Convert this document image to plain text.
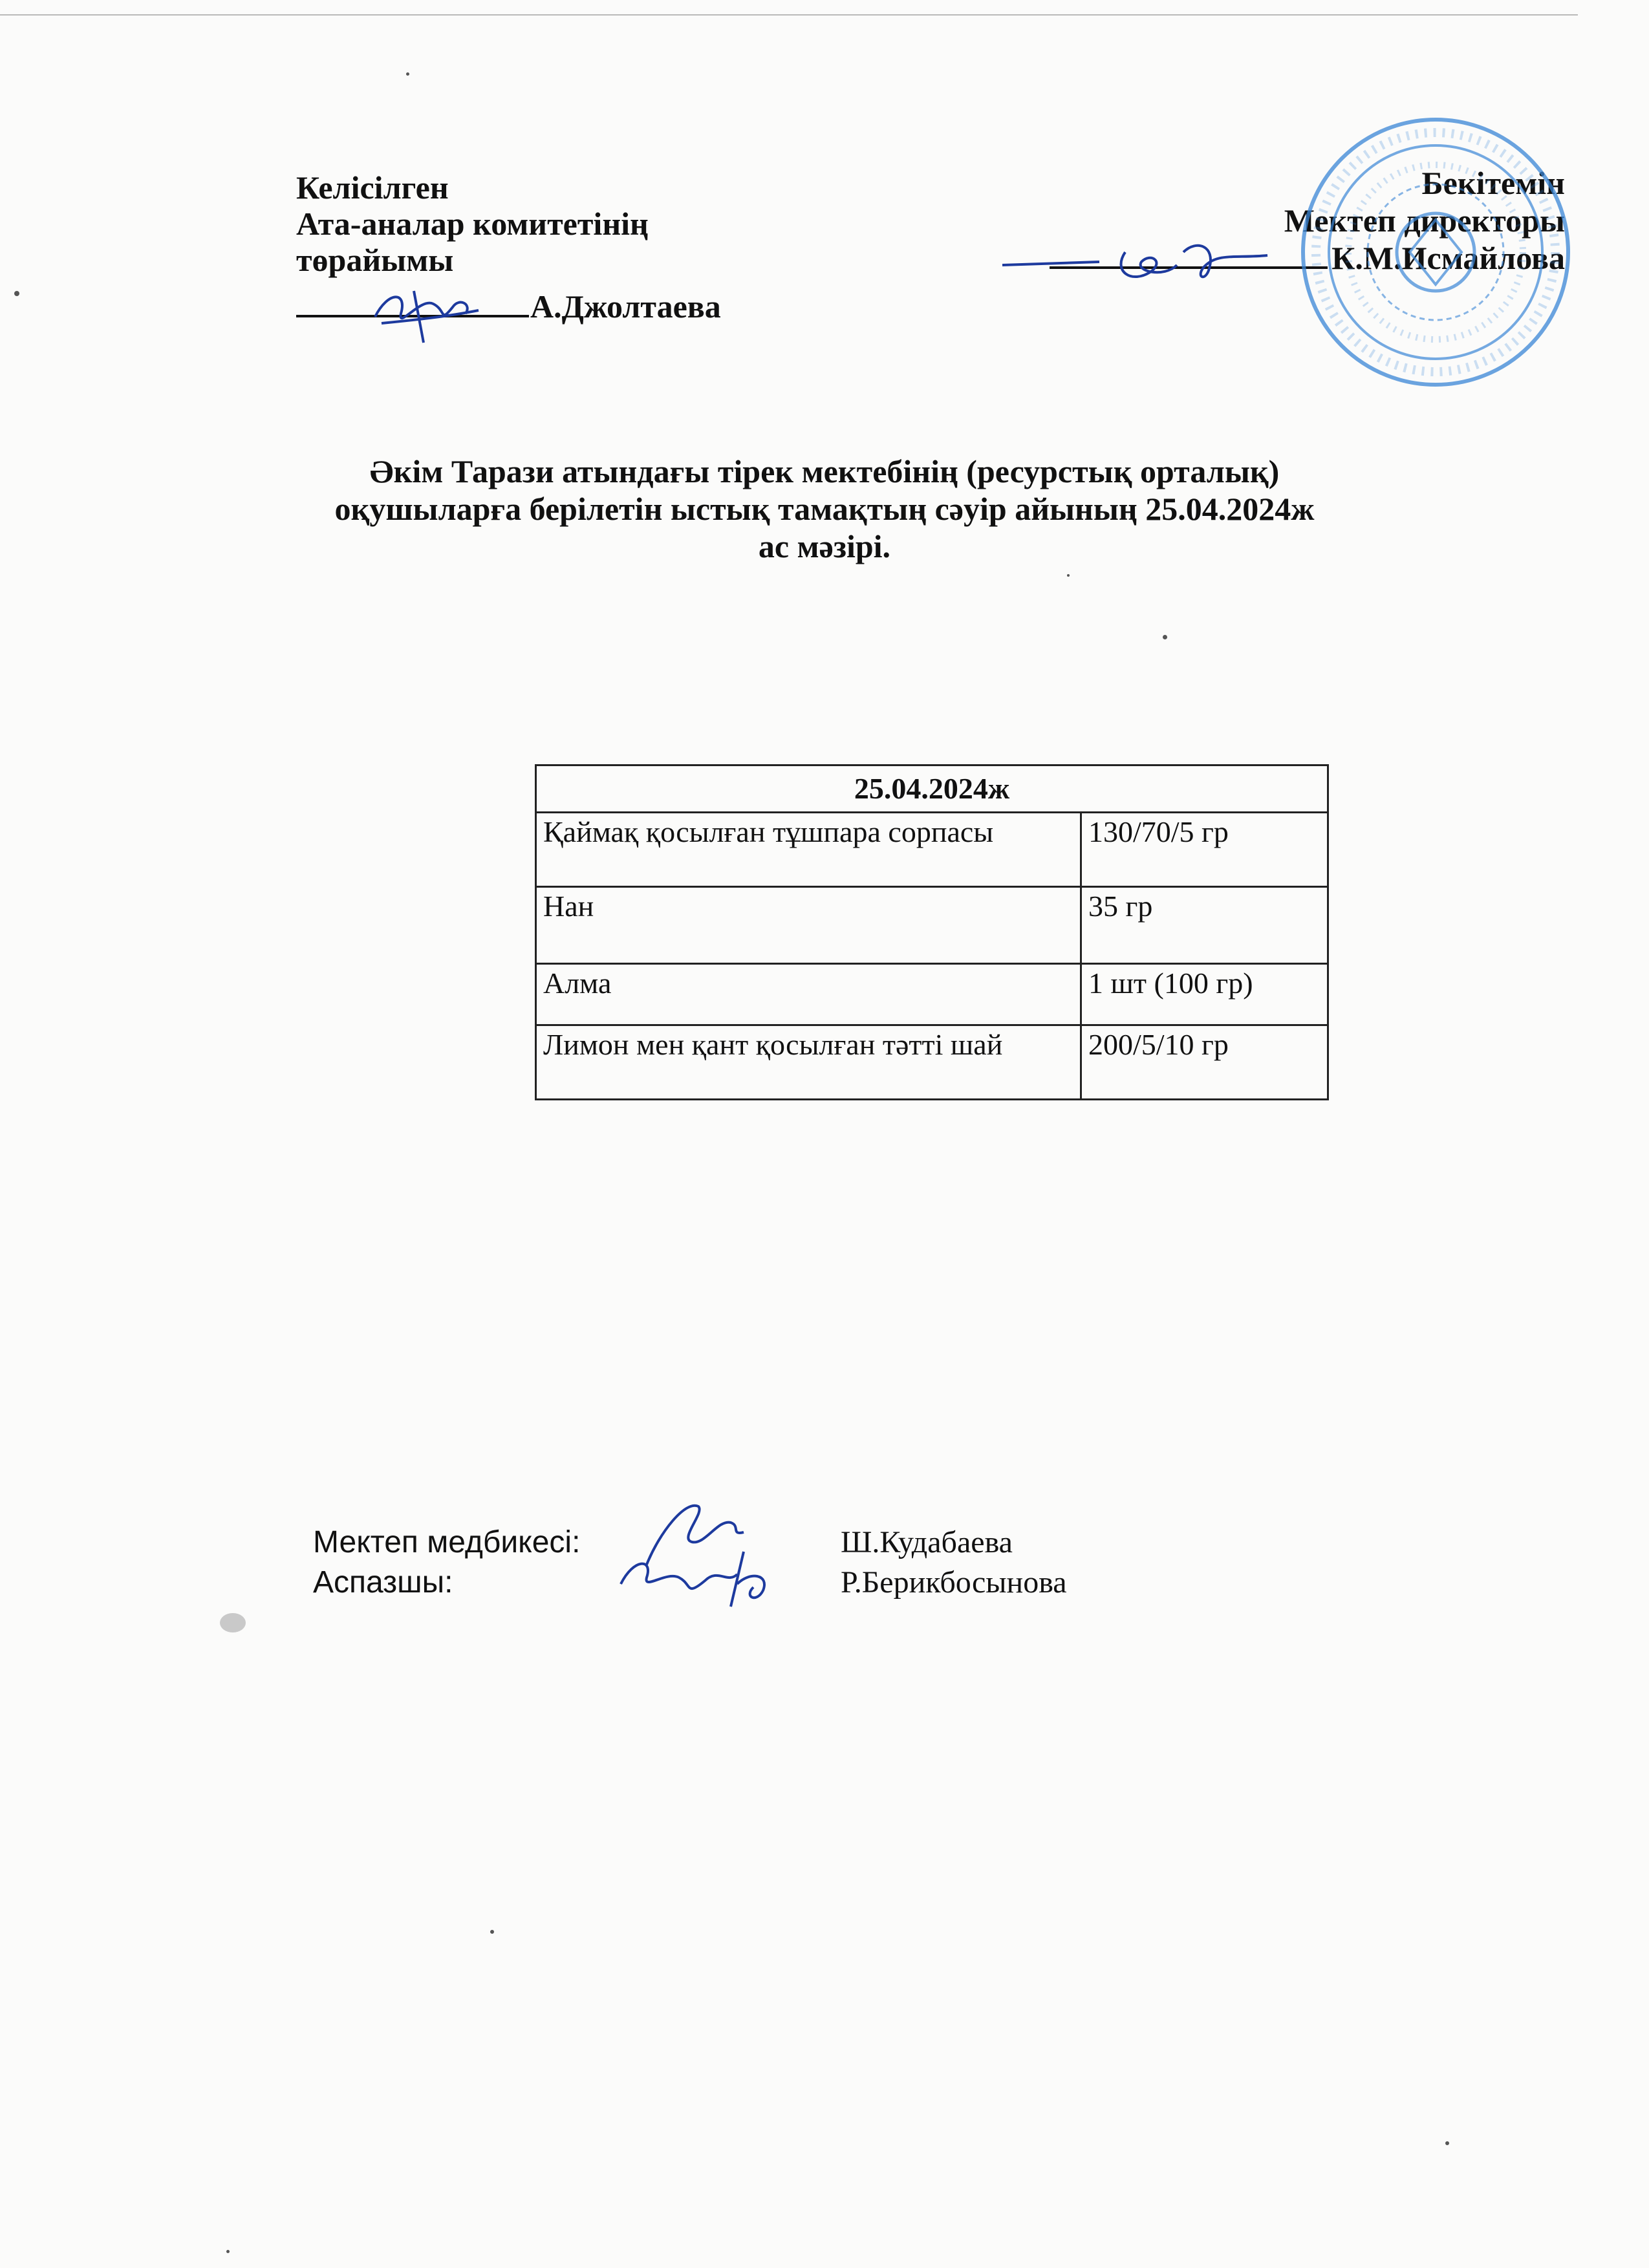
Келісілген
Ата-аналар комитетінің
төрайымы
А.Джолтаева
Бекітемін
Мектеп директоры
К.М.Исмайлова
Әкім Тарази атындағы тірек мектебінің (ресурстық орталық)
оқушыларға берілетін ыстық тамақтың сәуір айының 25.04.2024ж
ас мәзірі.
25.04.2024ж	
Қаймақ қосылған тұшпара сорпасы	130/70/5 гр
Нан	35 гр
Алма	1 шт (100 гр)
Лимон мен қант қосылған тәтті шай	200/5/10 гр
Мектеп медбикесі:
Аспазшы:
Ш.Кудабаева
Р.Берикбосынова
